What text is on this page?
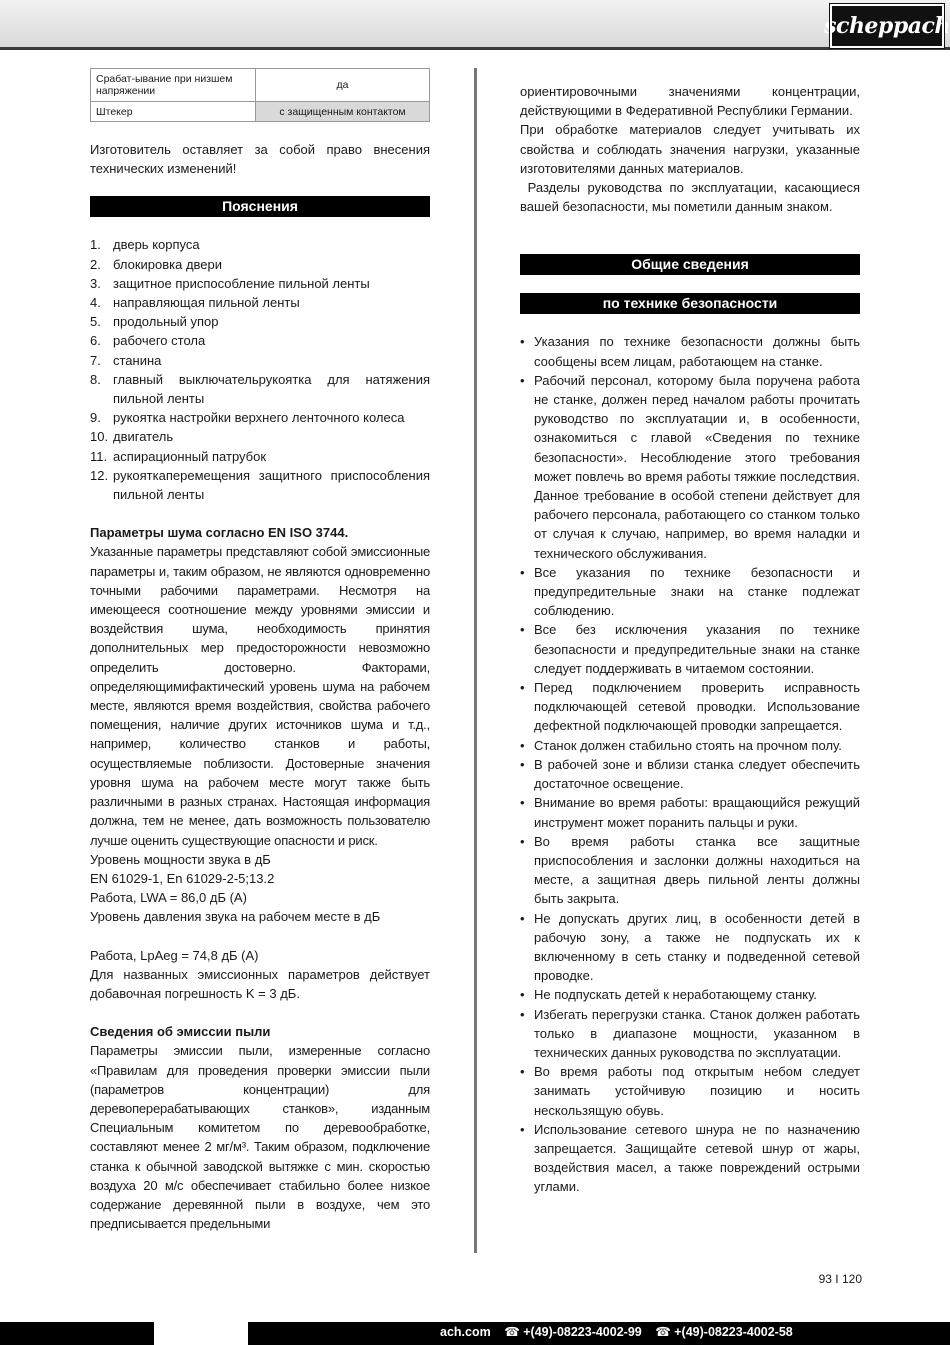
scheppach
Срабат-ывание при низшем напряжении	да
Штекер	с защищенным контактом

Изготовитель оставляет за собой право внесения технических изменений!

Пояснения
1. дверь корпуса
2. блокировка двери
3. защитное приспособление пильной ленты
4. направляющая пильной ленты
5. продольный упор
6. рабочего стола
7. станина
8. главный выключательрукоятка для натяжения пильной ленты
9. рукоятка настройки верхнего ленточного колеса
10. двигатель
11. аспирационный патрубок
12. рукояткаперемещения защитного приспособления пильной ленты

Параметры шума согласно EN ISO 3744.

Указанные параметры представляют собой эмиссионные параметры и, таким образом, не являются одновременно точными рабочими параметрами. Несмотря на имеющееся соотношение между уровнями эмиссии и воздействия шума, необходимость принятия дополнительных мер предосторожности невозможно определить достоверно. Факторами, определяющимифактический уровень шума на рабочем месте, являются время воздействия, свойства рабочего помещения, наличие других источников шума и т.д., например, количество станков и работы, осуществляемые поблизости. Достоверные значения уровня шума на рабочем месте могут также быть различными в разных странах. Настоящая информация должна, тем не менее, дать возможность пользователю лучше оценить существующие опасности и риск.

Уровень мощности звука в дБ

EN 61029-1, En 61029-2-5;13.2

Работа, LWA = 86,0 дБ (A)

Уровень давления звука на рабочем месте в дБ

Работа, LpAeg = 74,8 дБ (A)

Для названных эмиссионных параметров действует добавочная погрешность K = 3 дБ.

Сведения об эмиссии пыли

Параметры эмиссии пыли, измеренные согласно «Правилам для проведения проверки эмиссии пыли (параметров концентрации) для деревоперерабатывающих станков», изданным Специальным комитетом по деревообработке, составляют менее 2 мг/м³. Таким образом, подключение станка к обычной заводской вытяжке с мин. скоростью воздуха 20 м/с обеспечивает стабильно более низкое содержание деревянной пыли в воздухе, чем это предписывается предельными

ориентировочными значениями концентрации, действующими в Федеративной Республики Германии.

При обработке материалов следует учитывать их свойства и соблюдать значения нагрузки, указанные изготовителями данных материалов.

Разделы руководства по эксплуатации, касающиеся вашей безопасности, мы пометили данным знаком.

Общие сведения
по технике безопасности
• Указания по технике безопасности должны быть сообщены всем лицам, работающем на станке.
• Рабочий персонал, которому была поручена работа не станке, должен перед началом работы прочитать руководство по эксплуатации и, в особенности, ознакомиться с главой «Сведения по технике безопасности». Несоблюдение этого требования может повлечь во время работы тяжкие последствия. Данное требование в особой степени действует для рабочего персонала, работающего со станком только от случая к случаю, например, во время наладки и технического обслуживания.
• Все указания по технике безопасности и предупредительные знаки на станке подлежат соблюдению.
• Все без исключения указания по технике безопасности и предупредительные знаки на станке следует поддерживать в читаемом состоянии.
• Перед подключением проверить исправность подключающей сетевой проводки. Использование дефектной подключающей проводки запрещается.
• Станок должен стабильно стоять на прочном полу.
• В рабочей зоне и вблизи станка следует обеспечить достаточное освещение.
• Внимание во время работы: вращающийся режущий инструмент может поранить пальцы и руки.
• Во время работы станка все защитные приспособления и заслонки должны находиться на месте, а защитная дверь пильной ленты должны быть закрыта.
• Не допускать других лиц, в особенности детей в рабочую зону, а также не подпускать их к включенному в сеть станку и подведенной сетевой проводке.
• Не подпускать детей к неработающему станку.
• Избегать перегрузки станка. Станок должен работать только в диапазоне мощности, указанном в технических данных руководства по эксплуатации.
• Во время работы под открытым небом следует занимать устойчивую позицию и носить нескользящую обувь.
• Использование сетевого шнура не по назначению запрещается. Защищайте сетевой шнур от жары, воздействия масел, а также повреждений острыми углами.
93 I 120
ach.com ☎ +(49)-08223-4002-99 ☎ +(49)-08223-4002-58
